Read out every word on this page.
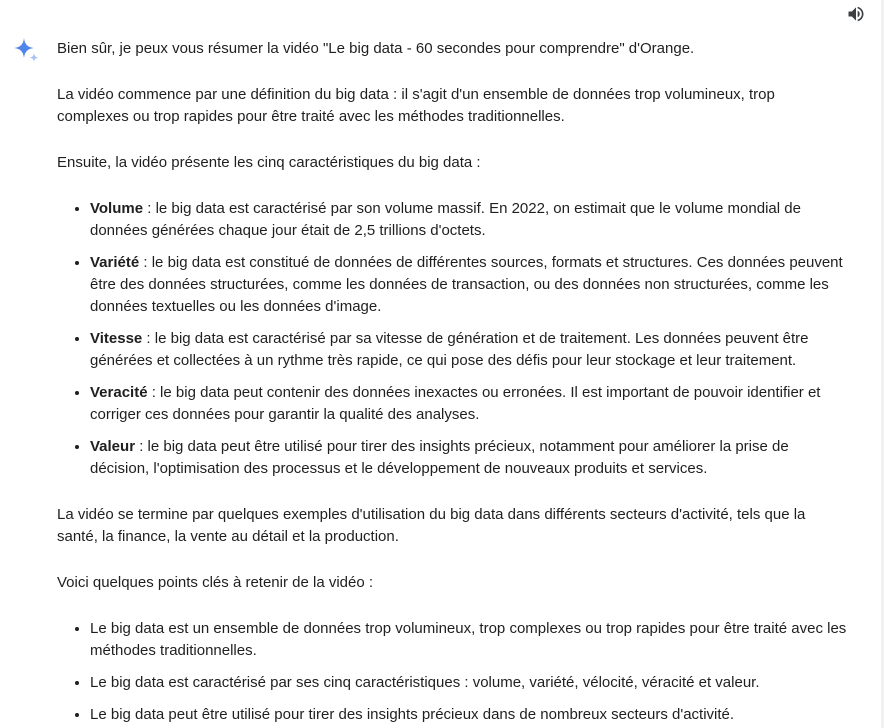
Bien sûr, je peux vous résumer la vidéo "Le big data - 60 secondes pour comprendre" d'Orange.

La vidéo commence par une définition du big data : il s'agit d'un ensemble de données trop volumineux, trop complexes ou trop rapides pour être traité avec les méthodes traditionnelles.

Ensuite, la vidéo présente les cinq caractéristiques du big data :

• Volume : le big data est caractérisé par son volume massif. En 2022, on estimait que le volume mondial de données générées chaque jour était de 2,5 trillions d'octets.
• Variété : le big data est constitué de données de différentes sources, formats et structures. Ces données peuvent être des données structurées, comme les données de transaction, ou des données non structurées, comme les données textuelles ou les données d'image.
• Vitesse : le big data est caractérisé par sa vitesse de génération et de traitement. Les données peuvent être générées et collectées à un rythme très rapide, ce qui pose des défis pour leur stockage et leur traitement.
• Veracité : le big data peut contenir des données inexactes ou erronées. Il est important de pouvoir identifier et corriger ces données pour garantir la qualité des analyses.
• Valeur : le big data peut être utilisé pour tirer des insights précieux, notamment pour améliorer la prise de décision, l'optimisation des processus et le développement de nouveaux produits et services.

La vidéo se termine par quelques exemples d'utilisation du big data dans différents secteurs d'activité, tels que la santé, la finance, la vente au détail et la production.

Voici quelques points clés à retenir de la vidéo :

• Le big data est un ensemble de données trop volumineux, trop complexes ou trop rapides pour être traité avec les méthodes traditionnelles.
• Le big data est caractérisé par ses cinq caractéristiques : volume, variété, vélocité, véracité et valeur.
• Le big data peut être utilisé pour tirer des insights précieux dans de nombreux secteurs d'activité.
